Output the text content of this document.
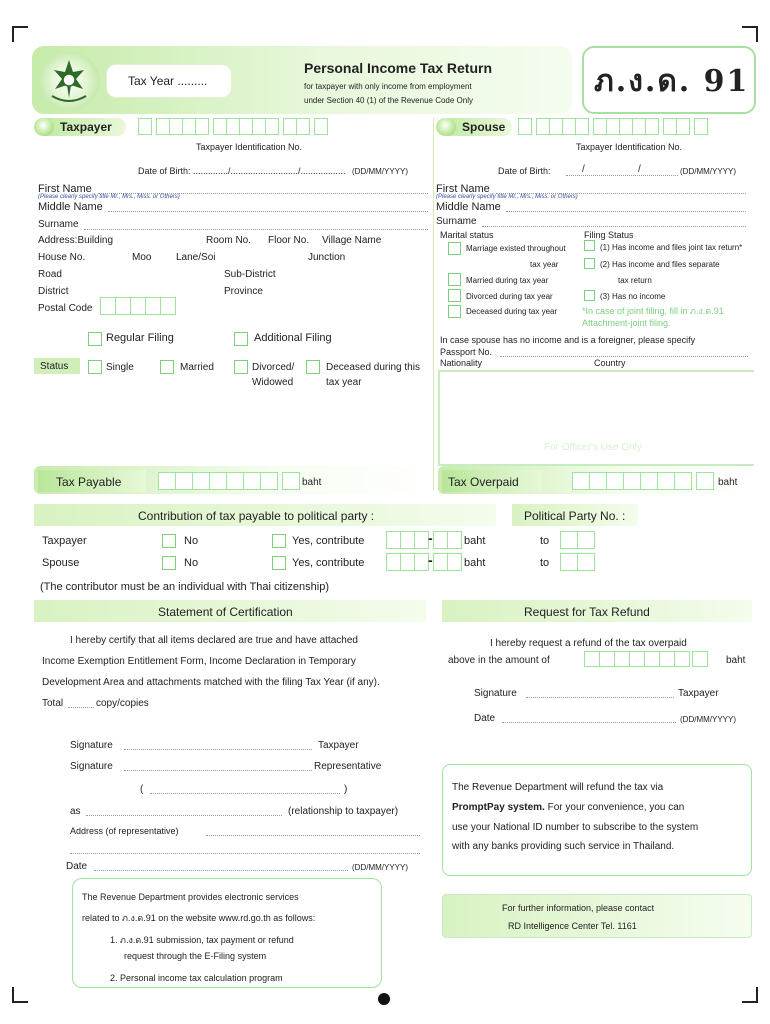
Tax Year .........
Personal Income Tax Return
for taxpayer with only income from employment
under Section 40 (1) of the Revenue Code Only
ภ.ง.ด. 91
Taxpayer
Taxpayer Identification No.
Date of Birth: ............../.........................../.................. (DD/MM/YYYY)
First Name
(Please clearly specify title Mr., Mrs., Miss. or Others)
Middle Name
Surname
Address:Building	Room No. Floor No. Village Name
House No.	Moo Lane/Soi	Junction
Road	Sub-District
District	Province
Postal Code
Regular Filing	Additional Filing
Status	Single	Married	Divorced/
Widowed
Deceased during this
tax year
Spouse
Taxpayer Identification No.
Date of Birth:	/	/	(DD/MM/YYYY)
First Name
(Please clearly specify title Mr., Mrs., Miss. or Others)
Middle Name
Surname
Marital status	Filing Status
Marriage existed throughout
tax year
Married during tax year
Divorced during tax year
Deceased during tax year
(1) Has income and files joint tax return*
(2) Has income and files separate
tax return
(3) Has no income
*In case of joint filing, fill in ภ.ง.ด.91
Attachment-joint filing.
In case spouse has no income and is a foreigner, please specify
Passport No.
Nationality	Country
For Officer's Use Only
Tax Payable	baht	Tax Overpaid	baht
Contribution of tax payable to political party :	Political Party No. :
Taxpayer	No	Yes, contribute	-	baht	to
Spouse	No	Yes, contribute	-	baht	to
(The contributor must be an individual with Thai citizenship)
Statement of Certification
I hereby certify that all items declared are true and have attached
Income Exemption Entitlement Form, Income Declaration in Temporary
Development Area and attachments matched with the filing Tax Year (if any).
Total	copy/copies
Signature	Taxpayer
Signature	Representative
(	)
as	(relationship to taxpayer)
Address (of representative)
Date	(DD/MM/YYYY)
The Revenue Department provides electronic services
related to ภ.ง.ด.91 on the website www.rd.go.th as follows:
1. ภ.ง.ด.91 submission, tax payment or refund
request through the E-Filing system
2. Personal income tax calculation program
Request for Tax Refund
I hereby request a refund of the tax overpaid
above in the amount of	baht
Signature	Taxpayer
Date	(DD/MM/YYYY)
The Revenue Department will refund the tax via
PromptPay system. For your convenience, you can
use your National ID number to subscribe to the system
with any banks providing such service in Thailand.
For further information, please contact
RD Intelligence Center Tel. 1161
